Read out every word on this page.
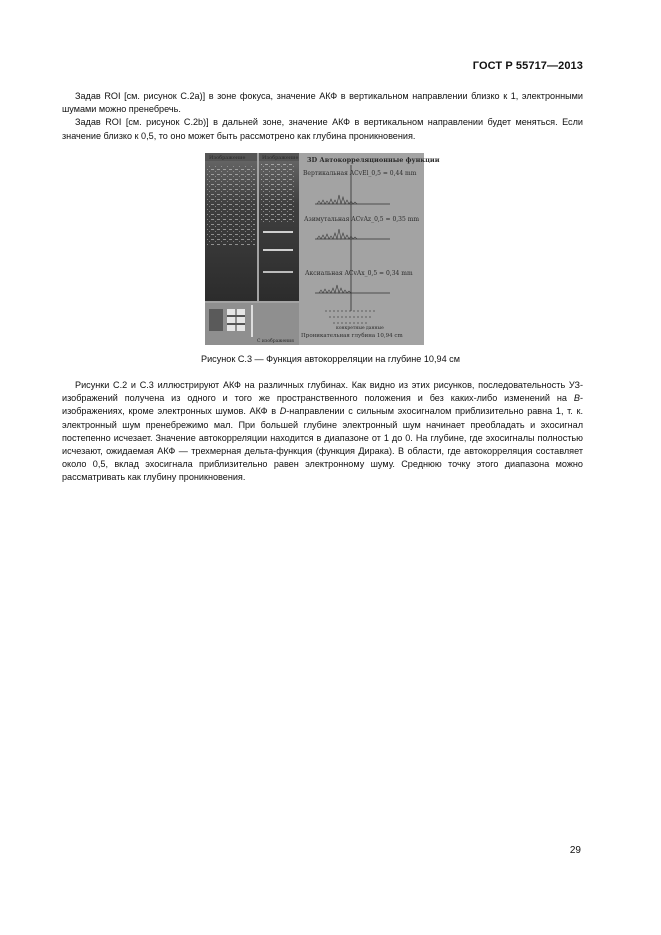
ГОСТ Р 55717—2013

Задав ROI [см. рисунок С.2а)] в зоне фокуса, значение АКФ в вертикальном направлении близко к 1, электронными шумами можно пренебречь.

Задав ROI [см. рисунок С.2b)] в дальней зоне, значение АКФ в вертикальном направлении будет меняться. Если значение близко к 0,5, то оно может быть рассмотрено как глубина проникновения.

Изображение	Изображение
С изображения
3D Автокорреляционные функции
Вертикальная ACvEl_0,5 = 0,44 mm
Азимутальная ACvAz_0,5 = 0,35 mm
Аксиальная ACvAx_0,5 = 0,34 mm
конкретные данные
Проникательная глубина 10,94 cm
Рисунок С.3 — Функция автокорреляции на глубине 10,94 см

Рисунки С.2 и С.3 иллюстрируют АКФ на различных глубинах. Как видно из этих рисунков, последовательность УЗ-изображений получена из одного и того же пространственного положения и без каких-либо изменений на В-изображениях, кроме электронных шумов. АКФ в D-направлении с сильным эхосигналом приблизительно равна 1, т. к. электронный шум пренебрежимо мал. При большей глубине электронный шум начинает преобладать и эхосигнал постепенно исчезает. Значение автокорреляции находится в диапазоне от 1 до 0. На глубине, где эхосигналы полностью исчезают, ожидаемая АКФ — трехмерная дельта-функция (функция Дирака). В области, где автокорреляция составляет около 0,5, вклад эхосигнала приблизительно равен электронному шуму. Среднюю точку этого диапазона можно рассматривать как глубину проникновения.

29
